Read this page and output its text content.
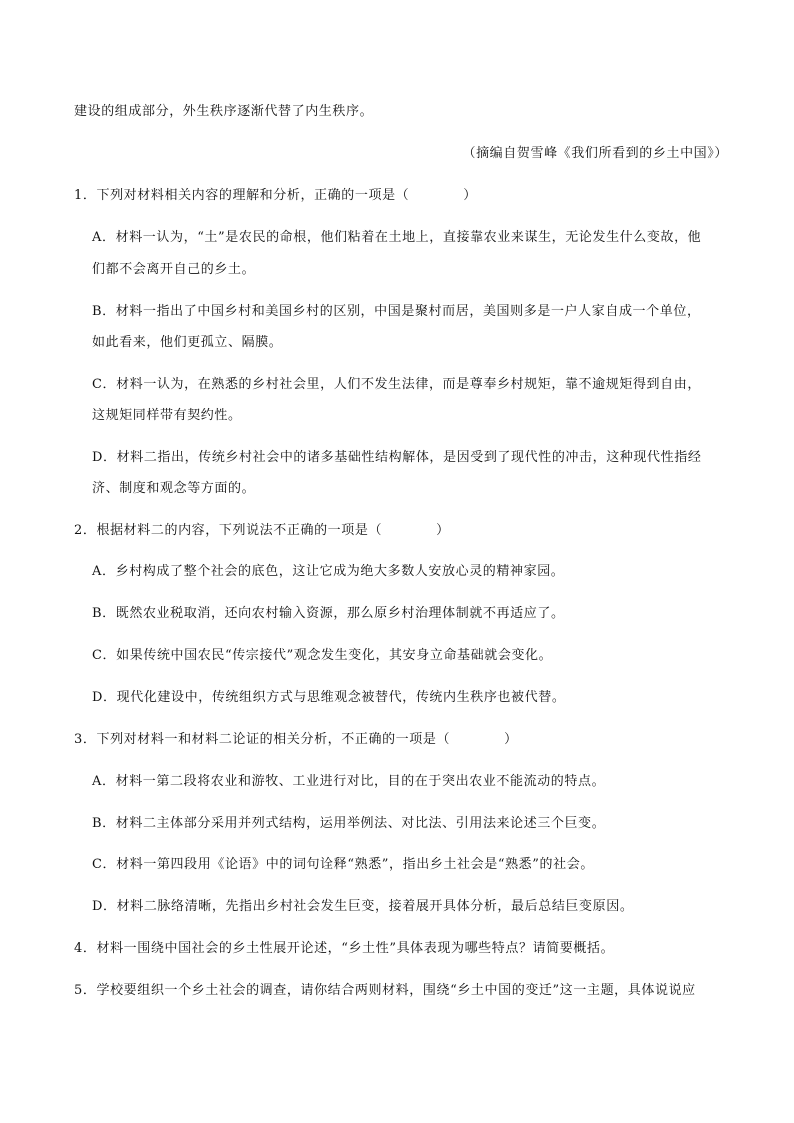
建设的组成部分，外生秩序逐渐代替了内生秩序。
（摘编自贺雪峰《我们所看到的乡土中国》）
1．下列对材料相关内容的理解和分析，正确的一项是（	）
A．材料一认为，“土”是农民的命根，他们粘着在土地上，直接靠农业来谋生，无论发生什么变故，他
们都不会离开自己的乡土。
B．材料一指出了中国乡村和美国乡村的区别，中国是聚村而居，美国则多是一户人家自成一个单位，
如此看来，他们更孤立、隔膜。
C．材料一认为，在熟悉的乡村社会里，人们不发生法律，而是尊奉乡村规矩，靠不逾规矩得到自由，
这规矩同样带有契约性。
D．材料二指出，传统乡村社会中的诸多基础性结构解体，是因受到了现代性的冲击，这种现代性指经
济、制度和观念等方面的。
2．根据材料二的内容，下列说法不正确的一项是（	）
A．乡村构成了整个社会的底色，这让它成为绝大多数人安放心灵的精神家园。
B．既然农业税取消，还向农村输入资源，那么原乡村治理体制就不再适应了。
C．如果传统中国农民“传宗接代”观念发生变化，其安身立命基础就会变化。
D．现代化建设中，传统组织方式与思维观念被替代，传统内生秩序也被代替。
3．下列对材料一和材料二论证的相关分析，不正确的一项是（	）
A．材料一第二段将农业和游牧、工业进行对比，目的在于突出农业不能流动的特点。
B．材料二主体部分采用并列式结构，运用举例法、对比法、引用法来论述三个巨变。
C．材料一第四段用《论语》中的词句诠释“熟悉”，指出乡土社会是“熟悉”的社会。
D．材料二脉络清晰，先指出乡村社会发生巨变，接着展开具体分析，最后总结巨变原因。
4．材料一围绕中国社会的乡土性展开论述，“乡土性”具体表现为哪些特点？请简要概括。
5．学校要组织一个乡土社会的调查，请你结合两则材料，围绕“乡土中国的变迁”这一主题，具体说说应
